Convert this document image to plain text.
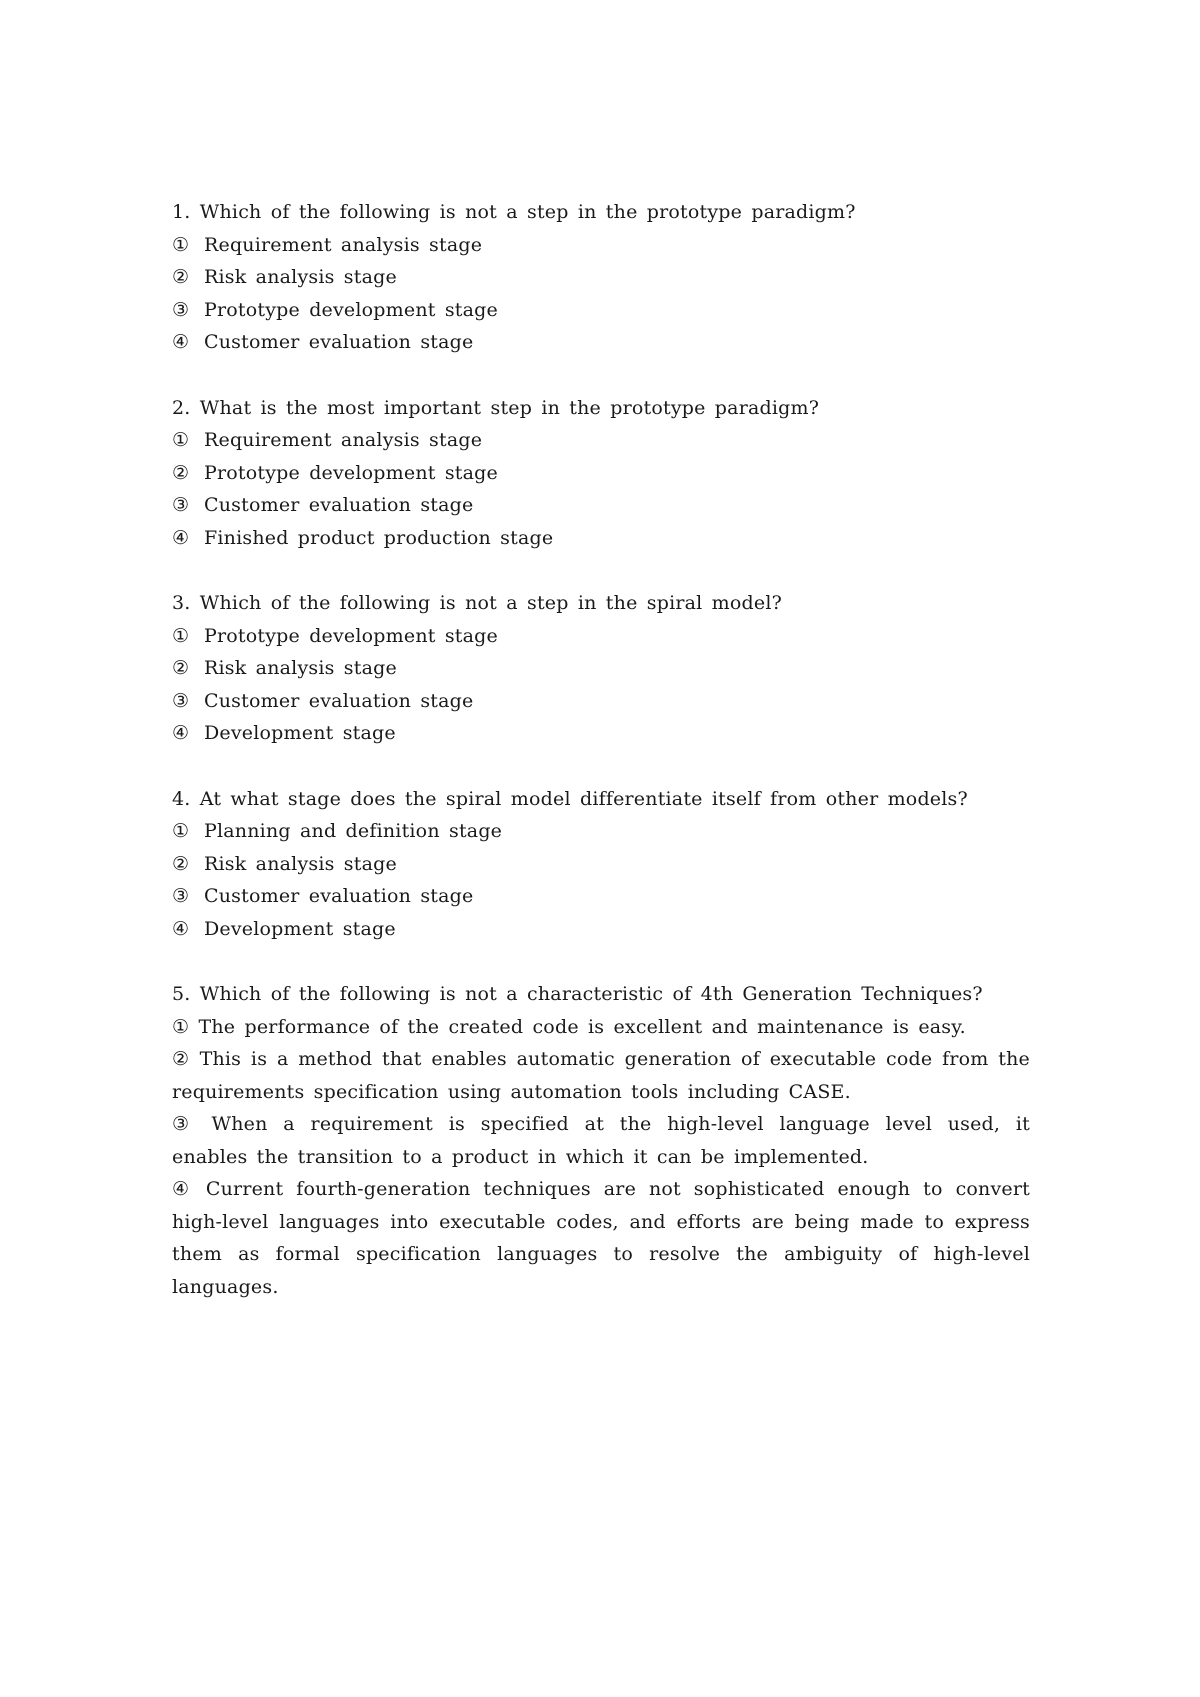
1. Which of the following is not a step in the prototype paradigm?

① Requirement analysis stage

② Risk analysis stage

③ Prototype development stage

④ Customer evaluation stage

2. What is the most important step in the prototype paradigm?

① Requirement analysis stage

② Prototype development stage

③ Customer evaluation stage

④ Finished product production stage

3. Which of the following is not a step in the spiral model?

① Prototype development stage

② Risk analysis stage

③ Customer evaluation stage

④ Development stage

4. At what stage does the spiral model differentiate itself from other models?

① Planning and definition stage

② Risk analysis stage

③ Customer evaluation stage

④ Development stage

5. Which of the following is not a characteristic of 4th Generation Techniques?

① The performance of the created code is excellent and maintenance is easy.

② This is a method that enables automatic generation of executable code from the requirements specification using automation tools including CASE.

③ When a requirement is specified at the high-level language level used, it enables the transition to a product in which it can be implemented.

④ Current fourth-generation techniques are not sophisticated enough to convert high-level languages into executable codes, and efforts are being made to express them as formal specification languages to resolve the ambiguity of high-level languages.
